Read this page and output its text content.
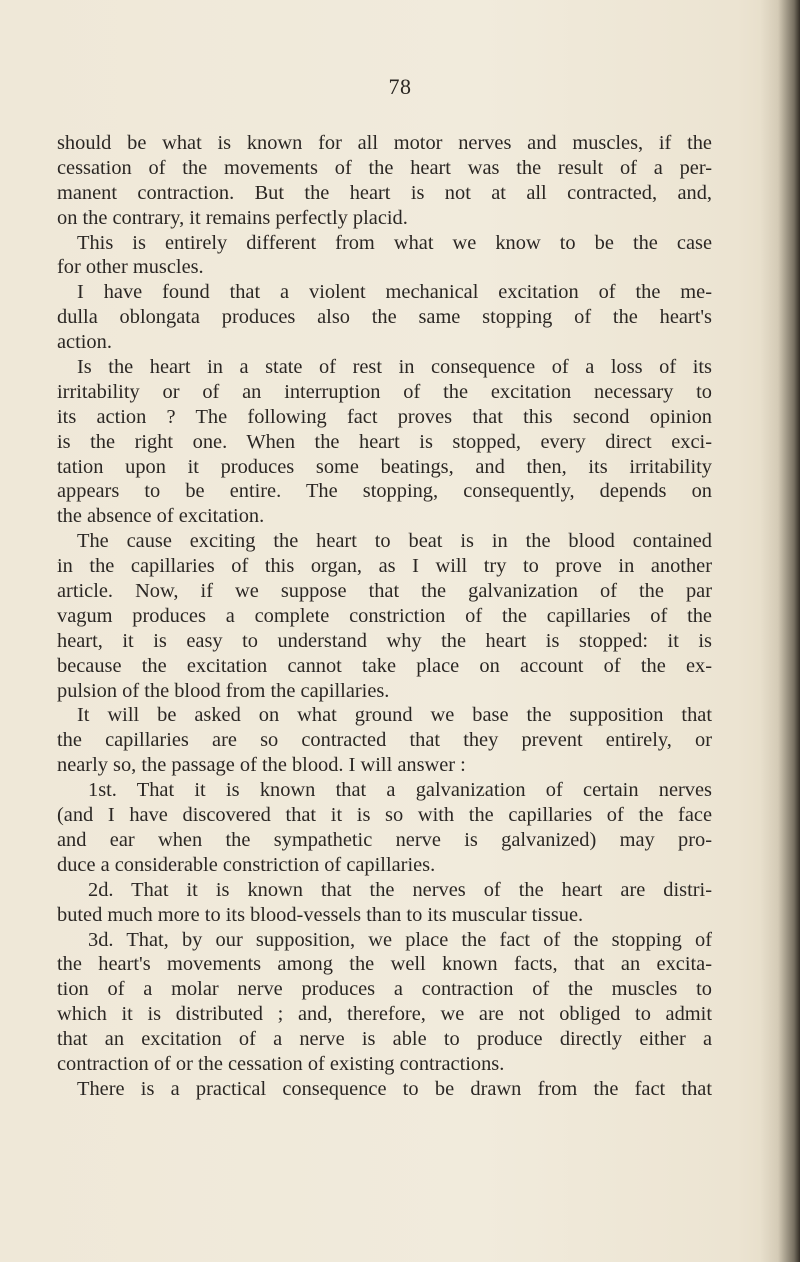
78
should be what is known for all motor nerves and muscles, if the
cessation of the movements of the heart was the result of a per-
manent contraction. But the heart is not at all contracted, and,
on the contrary, it remains perfectly placid.
This is entirely different from what we know to be the case
for other muscles.
I have found that a violent mechanical excitation of the me-
dulla oblongata produces also the same stopping of the heart's
action.
Is the heart in a state of rest in consequence of a loss of its
irritability or of an interruption of the excitation necessary to
its action ? The following fact proves that this second opinion
is the right one. When the heart is stopped, every direct exci-
tation upon it produces some beatings, and then, its irritability
appears to be entire. The stopping, consequently, depends on
the absence of excitation.
The cause exciting the heart to beat is in the blood contained
in the capillaries of this organ, as I will try to prove in another
article. Now, if we suppose that the galvanization of the par
vagum produces a complete constriction of the capillaries of the
heart, it is easy to understand why the heart is stopped: it is
because the excitation cannot take place on account of the ex-
pulsion of the blood from the capillaries.
It will be asked on what ground we base the supposition that
the capillaries are so contracted that they prevent entirely, or
nearly so, the passage of the blood. I will answer :
1st. That it is known that a galvanization of certain nerves
(and I have discovered that it is so with the capillaries of the face
and ear when the sympathetic nerve is galvanized) may pro-
duce a considerable constriction of capillaries.
2d. That it is known that the nerves of the heart are distri-
buted much more to its blood-vessels than to its muscular tissue.
3d. That, by our supposition, we place the fact of the stopping of
the heart's movements among the well known facts, that an excita-
tion of a molar nerve produces a contraction of the muscles to
which it is distributed ; and, therefore, we are not obliged to admit
that an excitation of a nerve is able to produce directly either a
contraction of or the cessation of existing contractions.
There is a practical consequence to be drawn from the fact that
